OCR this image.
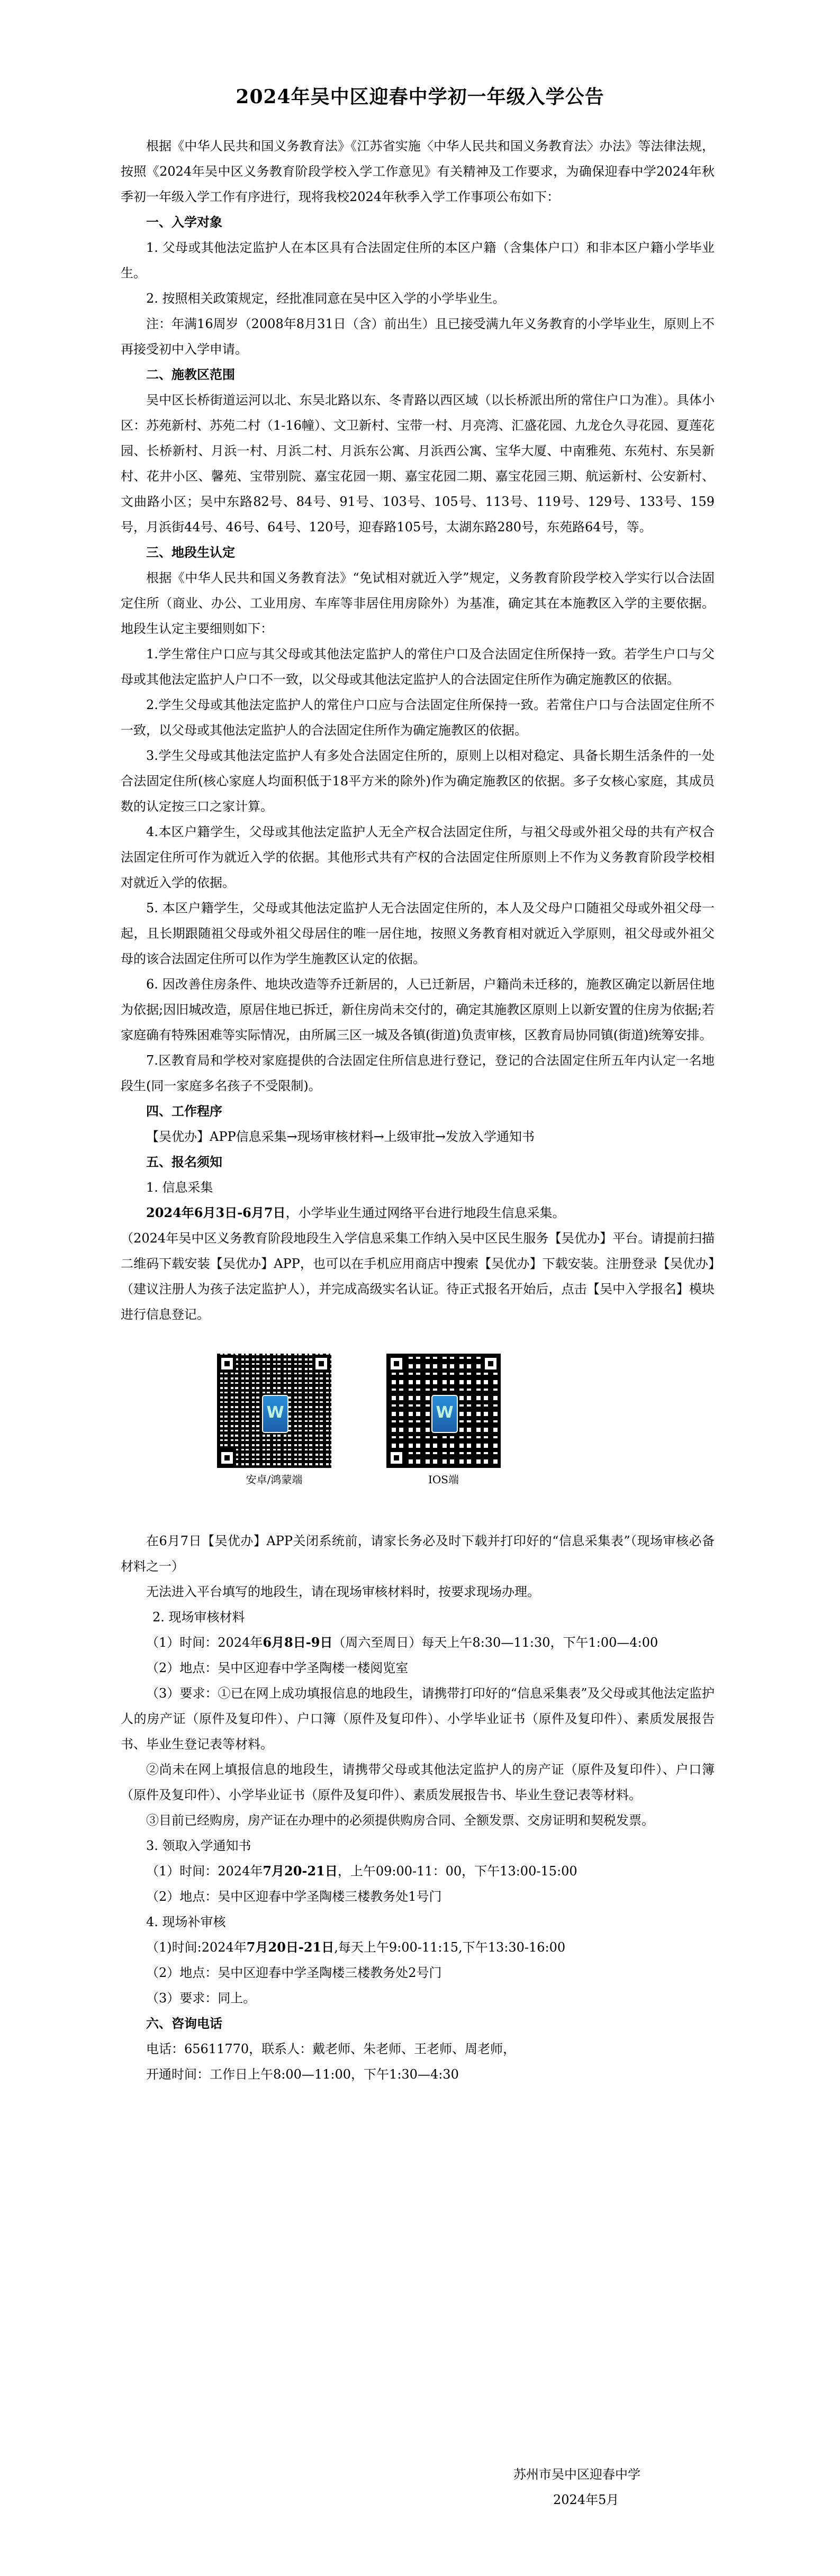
2024年吴中区迎春中学初一年级入学公告

根据《中华人民共和国义务教育法》《江苏省实施〈中华人民共和国义务教育法〉办法》等法律法规，按照《2024年吴中区义务教育阶段学校入学工作意见》有关精神及工作要求，为确保迎春中学2024年秋季初一年级入学工作有序进行，现将我校2024年秋季入学工作事项公布如下：

一、入学对象

1. 父母或其他法定监护人在本区具有合法固定住所的本区户籍（含集体户口）和非本区户籍小学毕业生。

2. 按照相关政策规定，经批准同意在吴中区入学的小学毕业生。

注：年满16周岁（2008年8月31日（含）前出生）且已接受满九年义务教育的小学毕业生，原则上不再接受初中入学申请。

二、施教区范围

吴中区长桥街道运河以北、东吴北路以东、冬青路以西区域（以长桥派出所的常住户口为准）。具体小区：苏苑新村、苏苑二村（1-16幢）、文卫新村、宝带一村、月亮湾、汇盛花园、九龙仓久寻花园、夏莲花园、长桥新村、月浜一村、月浜二村、月浜东公寓、月浜西公寓、宝华大厦、中南雅苑、东苑村、东吴新村、花井小区、馨苑、宝带别院、嘉宝花园一期、嘉宝花园二期、嘉宝花园三期、航运新村、公安新村、文曲路小区；吴中东路82号、84号、91号、103号、105号、113号、119号、129号、133号、159号，月浜街44号、46号、64号、120号，迎春路105号，太湖东路280号，东苑路64号，等。

三、地段生认定

根据《中华人民共和国义务教育法》“免试相对就近入学”规定，义务教育阶段学校入学实行以合法固定住所（商业、办公、工业用房、车库等非居住用房除外）为基准，确定其在本施教区入学的主要依据。地段生认定主要细则如下：

1.学生常住户口应与其父母或其他法定监护人的常住户口及合法固定住所保持一致。若学生户口与父母或其他法定监护人户口不一致，以父母或其他法定监护人的合法固定住所作为确定施教区的依据。

2.学生父母或其他法定监护人的常住户口应与合法固定住所保持一致。若常住户口与合法固定住所不一致，以父母或其他法定监护人的合法固定住所作为确定施教区的依据。

3.学生父母或其他法定监护人有多处合法固定住所的，原则上以相对稳定、具备长期生活条件的一处合法固定住所(核心家庭人均面积低于18平方米的除外)作为确定施教区的依据。多子女核心家庭，其成员数的认定按三口之家计算。

4.本区户籍学生，父母或其他法定监护人无全产权合法固定住所，与祖父母或外祖父母的共有产权合法固定住所可作为就近入学的依据。其他形式共有产权的合法固定住所原则上不作为义务教育阶段学校相对就近入学的依据。

5. 本区户籍学生，父母或其他法定监护人无合法固定住所的，本人及父母户口随祖父母或外祖父母一起，且长期跟随祖父母或外祖父母居住的唯一居住地，按照义务教育相对就近入学原则，祖父母或外祖父母的该合法固定住所可以作为学生施教区认定的依据。

6. 因改善住房条件、地块改造等乔迁新居的，人已迁新居，户籍尚未迁移的，施教区确定以新居住地为依据;因旧城改造，原居住地已拆迁，新住房尚未交付的，确定其施教区原则上以新安置的住房为依据;若家庭确有特殊困难等实际情况，由所属三区一城及各镇(街道)负责审核，区教育局协同镇(街道)统筹安排。

7.区教育局和学校对家庭提供的合法固定住所信息进行登记，登记的合法固定住所五年内认定一名地段生(同一家庭多名孩子不受限制)。

四、工作程序

【吴优办】APP信息采集→现场审核材料→上级审批→发放入学通知书

五、报名须知

1. 信息采集

2024年6月3日-6月7日，小学毕业生通过网络平台进行地段生信息采集。

（2024年吴中区义务教育阶段地段生入学信息采集工作纳入吴中区民生服务【吴优办】平台。请提前扫描二维码下载安装【吴优办】APP，也可以在手机应用商店中搜索【吴优办】下载安装。注册登录【吴优办】（建议注册人为孩子法定监护人），并完成高级实名认证。待正式报名开始后，点击【吴中入学报名】模块进行信息登记。

W
安卓/鸿蒙端
W
IOS端

在6月7日【吴优办】APP关闭系统前，请家长务必及时下载并打印好的“信息采集表”（现场审核必备材料之一）

无法进入平台填写的地段生，请在现场审核材料时，按要求现场办理。

2. 现场审核材料

（1）时间：2024年6月8日-9日（周六至周日）每天上午8:30—11:30，下午1:00—4:00

（2）地点：吴中区迎春中学圣陶楼一楼阅览室

（3）要求：①已在网上成功填报信息的地段生，请携带打印好的“信息采集表”及父母或其他法定监护人的房产证（原件及复印件）、户口簿（原件及复印件）、小学毕业证书（原件及复印件）、素质发展报告书、毕业生登记表等材料。

②尚未在网上填报信息的地段生，请携带父母或其他法定监护人的房产证（原件及复印件）、户口簿（原件及复印件）、小学毕业证书（原件及复印件）、素质发展报告书、毕业生登记表等材料。

③目前已经购房，房产证在办理中的必须提供购房合同、全额发票、交房证明和契税发票。

3. 领取入学通知书

（1）时间：2024年7月20-21日，上午09:00-11：00，下午13:00-15:00

（2）地点：吴中区迎春中学圣陶楼三楼教务处1号门

4. 现场补审核

（1)时间:2024年7月20日-21日,每天上午9:00-11:15,下午13:30-16:00

（2）地点：吴中区迎春中学圣陶楼三楼教务处2号门

（3）要求：同上。

六、咨询电话

电话：65611770，联系人：戴老师、朱老师、王老师、周老师，

开通时间：工作日上午8:00—11:00，下午1:30—4:30

苏州市吴中区迎春中学
2024年5月
